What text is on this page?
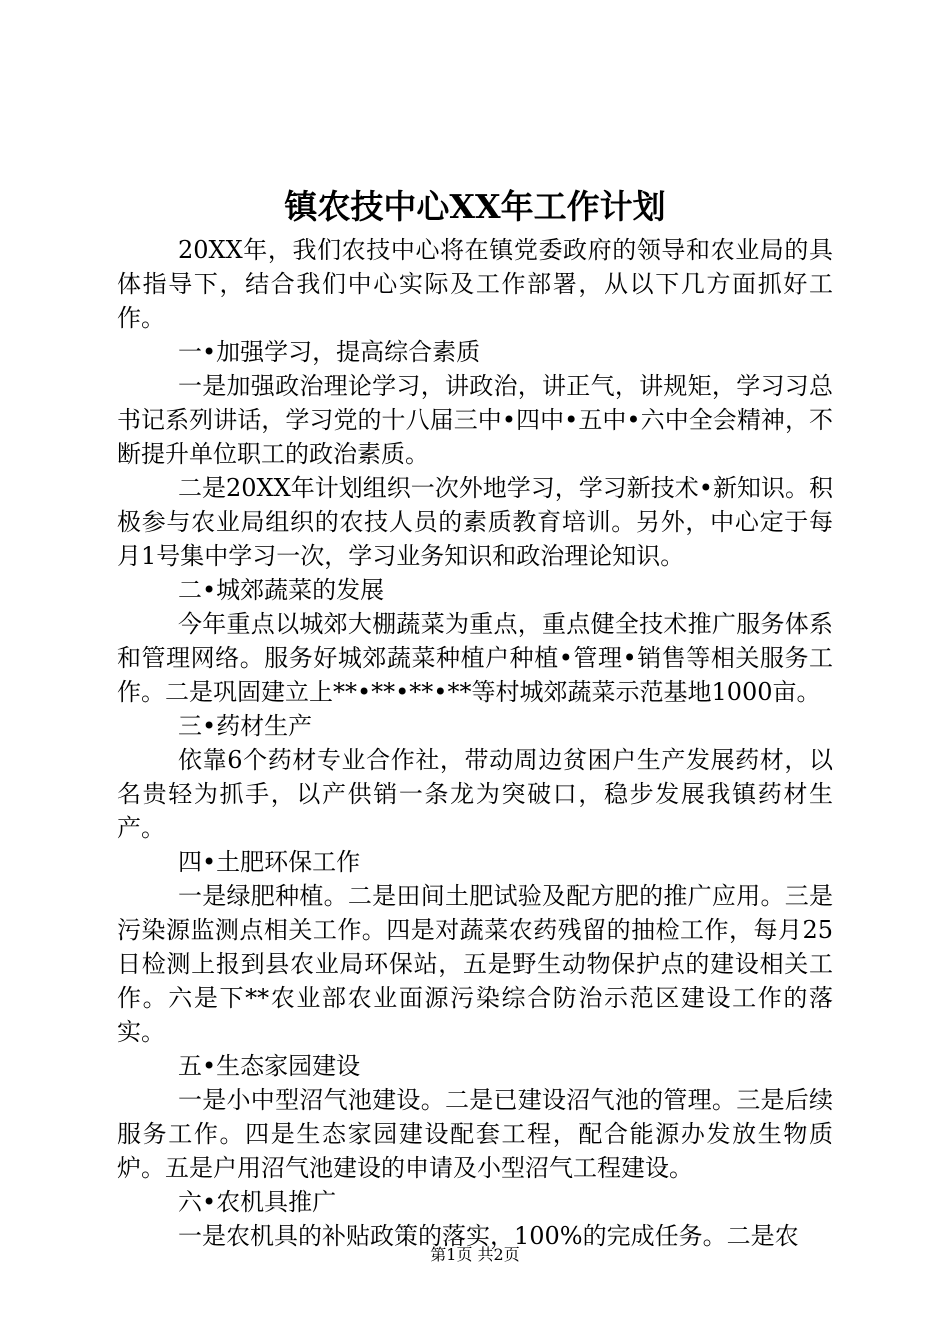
镇农技中心XX年工作计划

20XX年，我们农技中心将在镇党委政府的领导和农业局的具体指导下，结合我们中心实际及工作部署，从以下几方面抓好工作。

一•加强学习，提高综合素质

一是加强政治理论学习，讲政治，讲正气，讲规矩，学习习总书记系列讲话，学习党的十八届三中•四中•五中•六中全会精神，不断提升单位职工的政治素质。

二是20XX年计划组织一次外地学习，学习新技术•新知识。积极参与农业局组织的农技人员的素质教育培训。另外，中心定于每月1号集中学习一次，学习业务知识和政治理论知识。

二•城郊蔬菜的发展

今年重点以城郊大棚蔬菜为重点，重点健全技术推广服务体系和管理网络。服务好城郊蔬菜种植户种植•管理•销售等相关服务工作。二是巩固建立上**•**•**•**等村城郊蔬菜示范基地1000亩。

三•药材生产

依靠6个药材专业合作社，带动周边贫困户生产发展药材，以名贵轻为抓手，以产供销一条龙为突破口，稳步发展我镇药材生产。

四•土肥环保工作

一是绿肥种植。二是田间土肥试验及配方肥的推广应用。三是污染源监测点相关工作。四是对蔬菜农药残留的抽检工作，每月25日检测上报到县农业局环保站，五是野生动物保护点的建设相关工作。六是下**农业部农业面源污染综合防治示范区建设工作的落实。

五•生态家园建设

一是小中型沼气池建设。二是已建设沼气池的管理。三是后续服务工作。四是生态家园建设配套工程，配合能源办发放生物质炉。五是户用沼气池建设的申请及小型沼气工程建设。

六•农机具推广

一是农机具的补贴政策的落实，100%的完成任务。二是农

第1页 共2页
